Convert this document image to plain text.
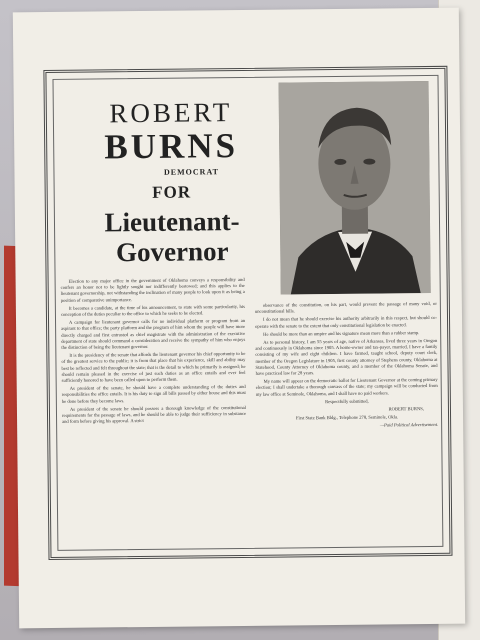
ROBERT

BURNS

DEMOCRAT

FOR

Lieutenant-

Governor

Election to any major office in the government of Oklahoma conveys a responsibility and confers an honor not to be lightly sought nor indifferently bestowed; and this applies to the lieutenant governorship, not withstanding the inclination of many people to look upon it as being a position of comparative unimportance.

It becomes a candidate, at the time of his announcement, to state with some particularity, his conception of the duties peculiar to the office to which he seeks to be elected.

A campaign for lieutenant governor calls for no individual platform or program from an aspirant to that office; the party platform and the program of him whom the people will have more directly charged and first entrusted as chief magistrate with the administration of the executive department of state should command a consideration and receive the sympathy of him who enjoys the distinction of being the lieutenant governor.

It is the presidency of the senate that affords the lieutenant governor his chief opportunity to be of the greatest service to the public; it is from that place that his experience, skill and ability may best be reflected and felt throughout the state; that is the detail to which he primarily is assigned; he should remain pleased in the exercise of just such duties as an office entails and ever feel sufficiently honored to have been called upon to perform them.

As president of the senate, he should have a complete understanding of the duties and responsibilities the office entails. It is his duty to sign all bills passed by either house and this must be done before they become laws.

As president of the senate he should possess a thorough knowledge of the constitutional requirements for the passage of laws, and he should be able to judge their sufficiency in substance and form before giving his approval. A strict

observance of the constitution, on his part, would prevent the passage of many void, or unconstitutional bills.

I do not mean that he should exercise his authority arbitrarily in this respect, but should co-operate with the senate to the extent that only constitutional legislation be enacted.

He should be more than an umpire and his signature mean more than a rubber stamp.

As to personal history, I am 55 years of age, native of Arkansas, lived three years in Oregon and continuously in Oklahoma since 1905. A home-owner and tax-payer, married, I have a family consisting of my wife and eight children. I have farmed, taught school, deputy court clerk, member of the Oregon Legislature in 1905, first county attorney of Stephens county, Oklahoma at Statehood, County Attorney of Oklahoma county, and a member of the Oklahoma Senate, and have practiced law for 28 years.

My name will appear on the democratic ballot for Lieutenant Governor at the coming primary election; I shall undertake a thorough canvass of the state; my campaign will be conducted from my law office at Seminole, Oklahoma, and I shall have no paid workers.

Respectfully submitted,

ROBERT BURNS,

First State Bank Bldg., Telephone 278, Seminole, Okla.

—Paid Political Advertisement.
